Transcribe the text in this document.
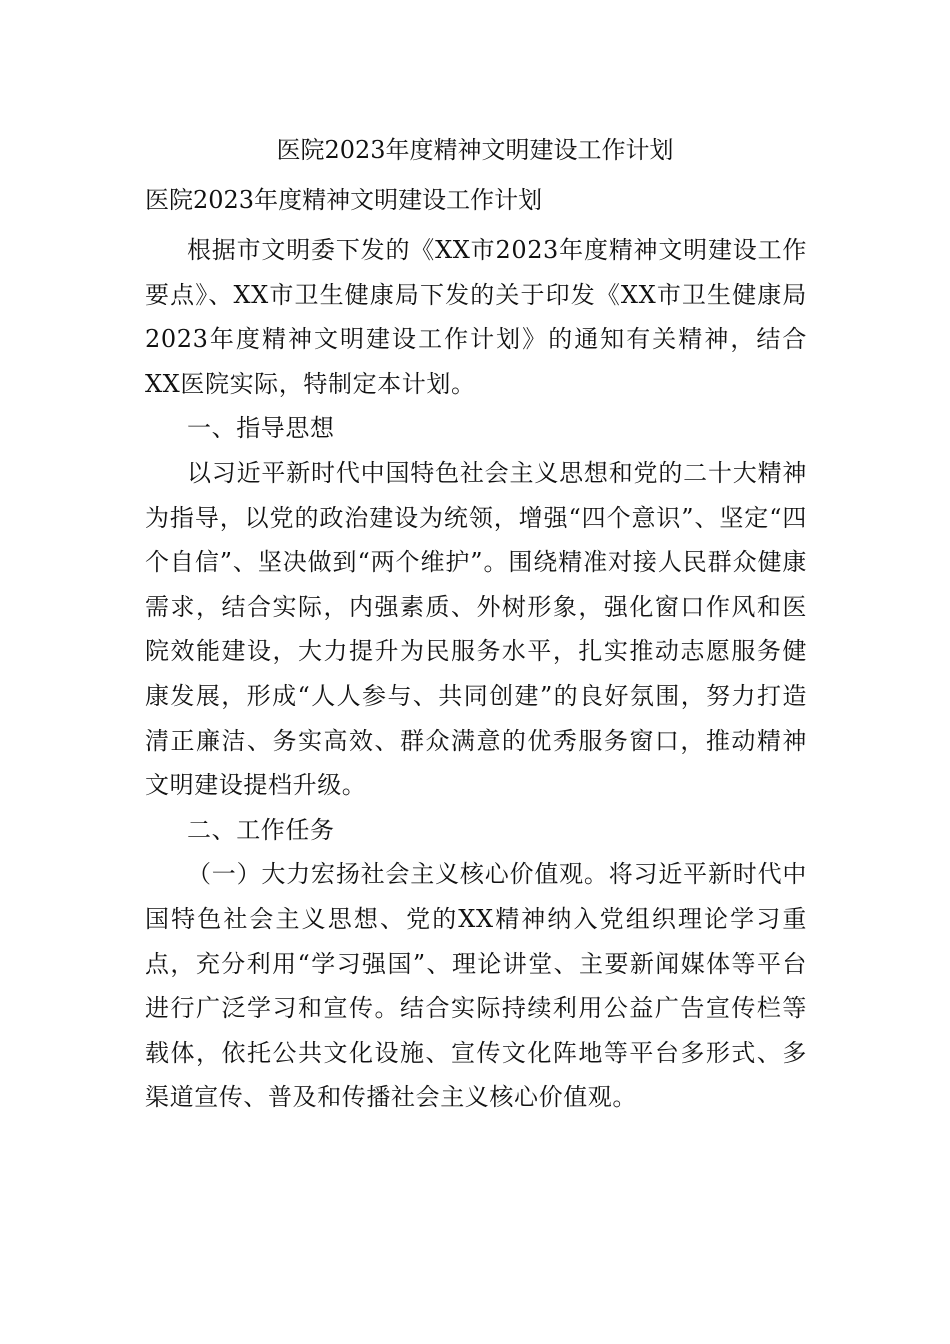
医院2023年度精神文明建设工作计划

医院2023年度精神文明建设工作计划

根据市文明委下发的《XX市2023年度精神文明建设工作要点》、XX市卫生健康局下发的关于印发《XX市卫生健康局2023年度精神文明建设工作计划》的通知有关精神，结合XX医院实际，特制定本计划。

一、指导思想

以习近平新时代中国特色社会主义思想和党的二十大精神为指导，以党的政治建设为统领，增强“四个意识”、坚定“四个自信”、坚决做到“两个维护”。围绕精准对接人民群众健康需求，结合实际，内强素质、外树形象，强化窗口作风和医院效能建设，大力提升为民服务水平，扎实推动志愿服务健康发展，形成“人人参与、共同创建”的良好氛围，努力打造清正廉洁、务实高效、群众满意的优秀服务窗口，推动精神文明建设提档升级。

二、工作任务

（一）大力宏扬社会主义核心价值观。将习近平新时代中国特色社会主义思想、党的XX精神纳入党组织理论学习重点，充分利用“学习强国”、理论讲堂、主要新闻媒体等平台进行广泛学习和宣传。结合实际持续利用公益广告宣传栏等载体，依托公共文化设施、宣传文化阵地等平台多形式、多渠道宣传、普及和传播社会主义核心价值观。
